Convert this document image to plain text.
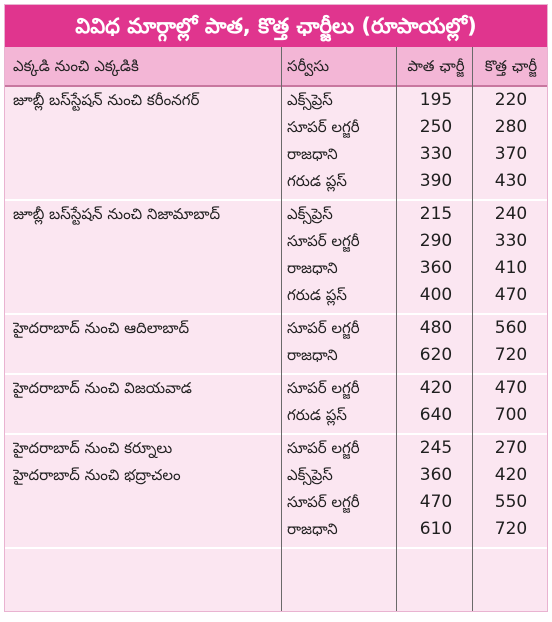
వివిధ మార్గాల్లో పాత, కొత్త ఛార్జీలు (రూపాయల్లో)
ఎక్కడి నుంచి ఎక్కడికి	సర్వీసు	పాత ఛార్జీ	కొత్త ఛార్జీ
జూబ్లీ బస్‌స్టేషన్ నుంచి కరీంనగర్	ఎక్స్‌ప్రెస్	195	220
సూపర్ లగ్జరీ	250	280
రాజధాని	330	370
గరుడ ప్లస్	390	430
జూబ్లీ బస్‌స్టేషన్ నుంచి నిజామాబాద్	ఎక్స్‌ప్రెస్	215	240
సూపర్ లగ్జరీ	290	330
రాజధాని	360	410
గరుడ ప్లస్	400	470
హైదరాబాద్ నుంచి ఆదిలాబాద్	సూపర్ లగ్జరీ	480	560
రాజధాని	620	720
హైదరాబాద్ నుంచి విజయవాడ	సూపర్ లగ్జరీ	420	470
గరుడ ప్లస్	640	700
హైదరాబాద్ నుంచి కర్నూలు	సూపర్ లగ్జరీ	245	270
హైదరాబాద్ నుంచి భద్రాచలం	ఎక్స్‌ప్రెస్	360	420
సూపర్ లగ్జరీ	470	550
రాజధాని	610	720
